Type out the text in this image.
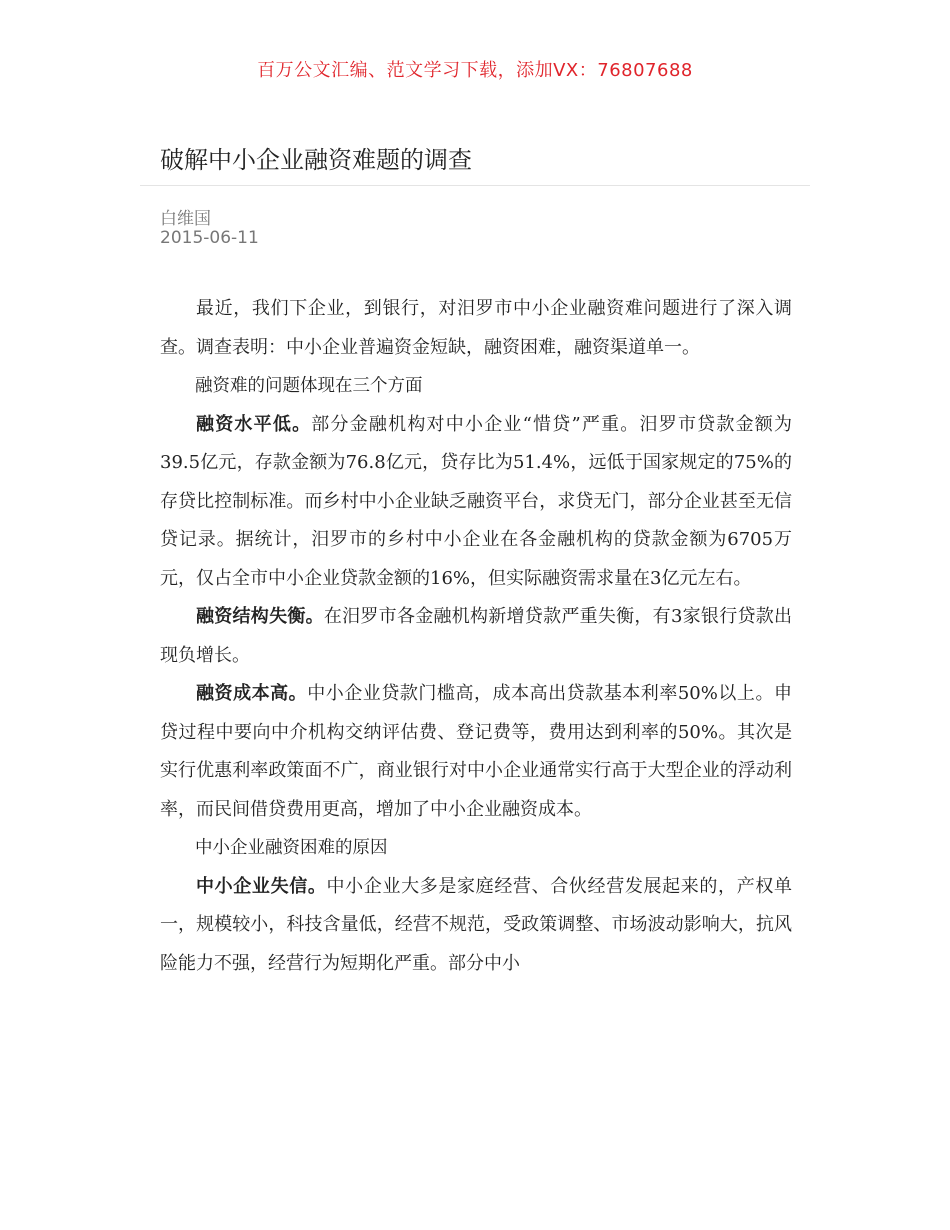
百万公文汇编、范文学习下载，添加VX：76807688
破解中小企业融资难题的调查
白维国
2015-06-11

最近，我们下企业，到银行，对汨罗市中小企业融资难问题进行了深入调查。调查表明：中小企业普遍资金短缺，融资困难，融资渠道单一。

融资难的问题体现在三个方面

融资水平低。部分金融机构对中小企业“惜贷”严重。汨罗市贷款金额为39.5亿元，存款金额为76.8亿元，贷存比为51.4%，远低于国家规定的75%的存贷比控制标准。而乡村中小企业缺乏融资平台，求贷无门，部分企业甚至无信贷记录。据统计，汨罗市的乡村中小企业在各金融机构的贷款金额为6705万元，仅占全市中小企业贷款金额的16%，但实际融资需求量在3亿元左右。

融资结构失衡。在汨罗市各金融机构新增贷款严重失衡，有3家银行贷款出现负增长。

融资成本高。中小企业贷款门槛高，成本高出贷款基本利率50%以上。申贷过程中要向中介机构交纳评估费、登记费等，费用达到利率的50%。其次是实行优惠利率政策面不广，商业银行对中小企业通常实行高于大型企业的浮动利率，而民间借贷费用更高，增加了中小企业融资成本。

中小企业融资困难的原因

中小企业失信。中小企业大多是家庭经营、合伙经营发展起来的，产权单一，规模较小，科技含量低，经营不规范，受政策调整、市场波动影响大，抗风险能力不强，经营行为短期化严重。部分中小
